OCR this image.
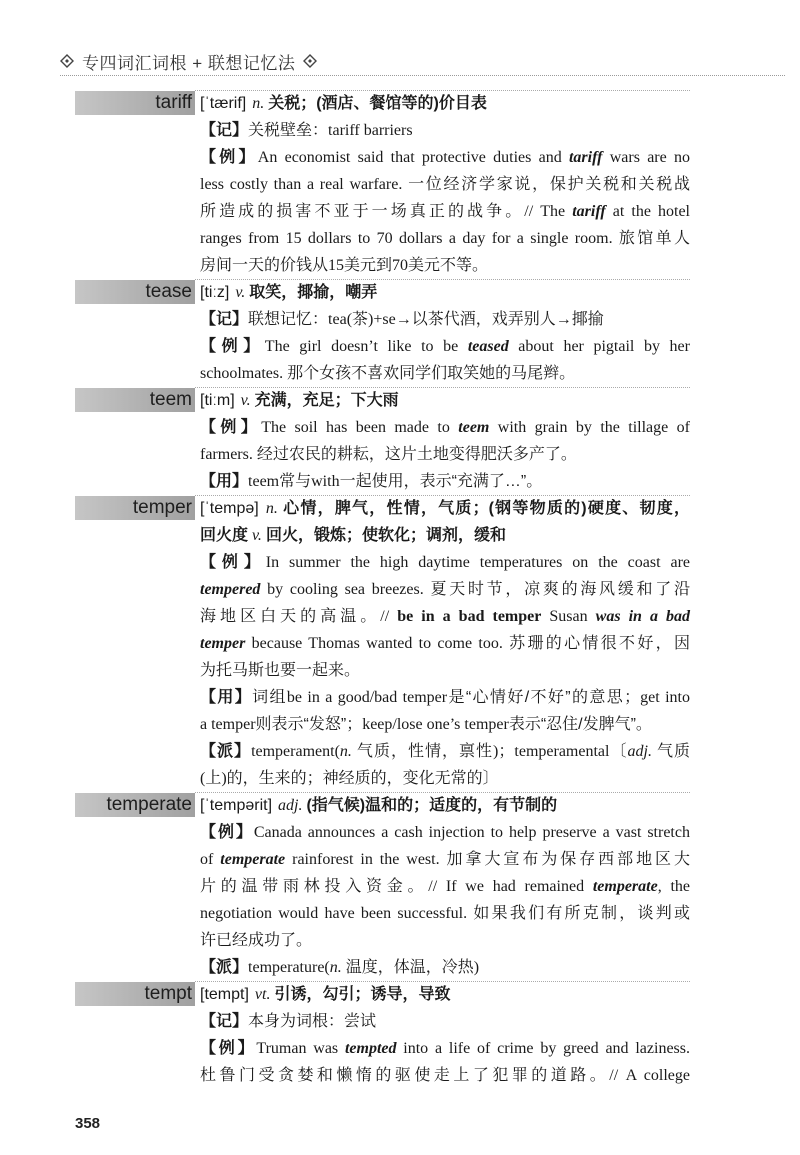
专四词汇词根 + 联想记忆法
tariff [ˈtærif] n. 关税；(酒店、餐馆等的)价目表
【记】关税壁垒：tariff barriers
【例】An economist said that protective duties and tariff wars are no
less costly than a real warfare. 一位经济学家说，保护关税和关税战
所造成的损害不亚于一场真正的战争。// The tariff at the hotel
ranges from 15 dollars to 70 dollars a day for a single room. 旅馆单人
房间一天的价钱从15美元到70美元不等。
tease [tiːz] v. 取笑，揶揄，嘲弄
【记】联想记忆：tea(茶)+se→以茶代酒，戏弄别人→揶揄
【例】The girl doesn’t like to be teased about her pigtail by her
schoolmates. 那个女孩不喜欢同学们取笑她的马尾辫。
teem [tiːm] v. 充满，充足；下大雨
【例】The soil has been made to teem with grain by the tillage of
farmers. 经过农民的耕耘，这片土地变得肥沃多产了。
【用】teem常与with一起使用，表示“充满了…”。
temper [ˈtempə] n. 心情，脾气，性情，气质；(钢等物质的)硬度、韧度，
回火度 v. 回火，锻炼；使软化；调剂，缓和
【例】In summer the high daytime temperatures on the coast are
tempered by cooling sea breezes. 夏天时节，凉爽的海风缓和了沿
海地区白天的高温。// be in a bad temper Susan was in a bad
temper because Thomas wanted to come too. 苏珊的心情很不好，因
为托马斯也要一起来。
【用】词组be in a good/bad temper是“心情好/不好”的意思；get into
a temper则表示“发怒”；keep/lose one’s temper表示“忍住/发脾气”。
【派】temperament(n. 气质，性情，禀性)；temperamental〔adj. 气质
(上)的，生来的；神经质的，变化无常的〕
temperate [ˈtempərit] adj. (指气候)温和的；适度的，有节制的
【例】Canada announces a cash injection to help preserve a vast stretch
of temperate rainforest in the west. 加拿大宣布为保存西部地区大
片的温带雨林投入资金。// If we had remained temperate, the
negotiation would have been successful. 如果我们有所克制，谈判或
许已经成功了。
【派】temperature(n. 温度，体温，冷热)
tempt [tempt] vt. 引诱，勾引；诱导，导致
【记】本身为词根：尝试
【例】Truman was tempted into a life of crime by greed and laziness.
杜鲁门受贪婪和懒惰的驱使走上了犯罪的道路。// A college
358
